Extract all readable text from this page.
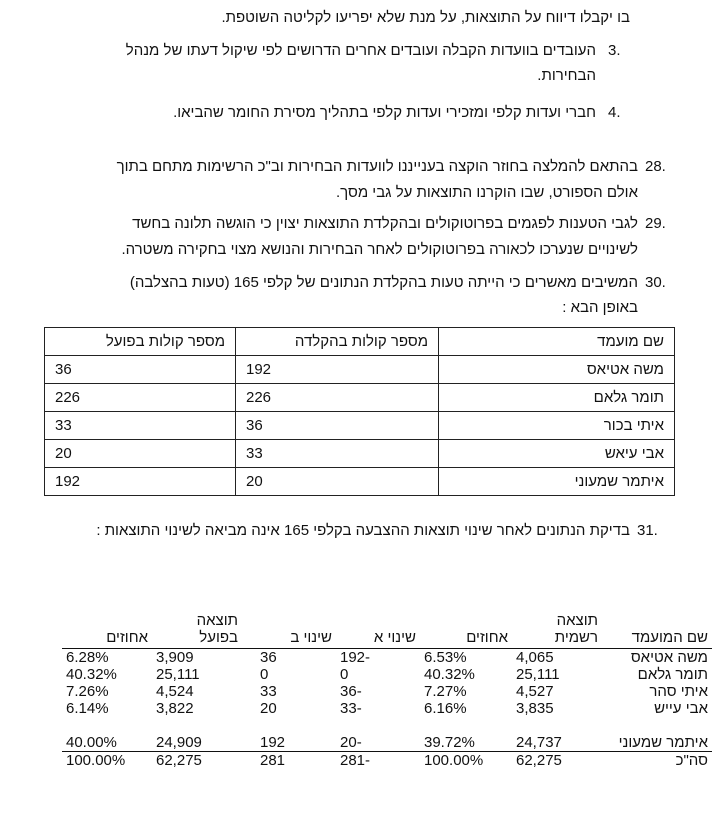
בו יקבלו דיווח על התוצאות, על מנת שלא יפריעו לקליטה השוטפת.
3.
העובדים בוועדות הקבלה ועובדים אחרים הדרושים לפי שיקול דעתו של מנהל
הבחירות.
4.
חברי ועדות קלפי ומזכירי ועדות קלפי בתהליך מסירת החומר שהביאו.
28.
בהתאם להמלצה בחוזר הוקצה בענייננו לוועדות הבחירות וב"כ הרשימות מתחם בתוך
אולם הספורט, שבו הוקרנו התוצאות על גבי מסך.
29.
לגבי הטענות לפגמים בפרוטוקולים ובהקלדת התוצאות יצוין כי הוגשה תלונה בחשד
לשינויים שנערכו לכאורה בפרוטוקולים לאחר הבחירות והנושא מצוי בחקירה משטרה.
30.
המשיבים מאשרים כי הייתה טעות בהקלדת הנתונים של קלפי 165 (טעות בהצלבה)
באופן הבא :
שם מועמד	מספר קולות בהקלדה	מספר קולות בפועל
משה אטיאס	192	36
תומר גלאם	226	226
איתי בכור	36	33
אבי עיאש	33	20
איתמר שמעוני	20	192
31.
בדיקת הנתונים לאחר שינוי תוצאות ההצבעה בקלפי 165 אינה מביאה לשינוי התוצאות :
שם המועמד	תוצאה רשמית	אחוזים	שינוי א	שינוי ב	תוצאה בפועל	אחוזים
משה אטיאס	4,065	6.53%	-192	36	3,909	6.28%
תומר גלאם	25,111	40.32%	0	0	25,111	40.32%
איתי סהר	4,527	7.27%	-36	33	4,524	7.26%
אבי עייש	3,835	6.16%	-33	20	3,822	6.14%
איתמר שמעוני	24,737	39.72%	-20	192	24,909	40.00%
סה"כ	62,275	100.00%	-281	281	62,275	100.00%
